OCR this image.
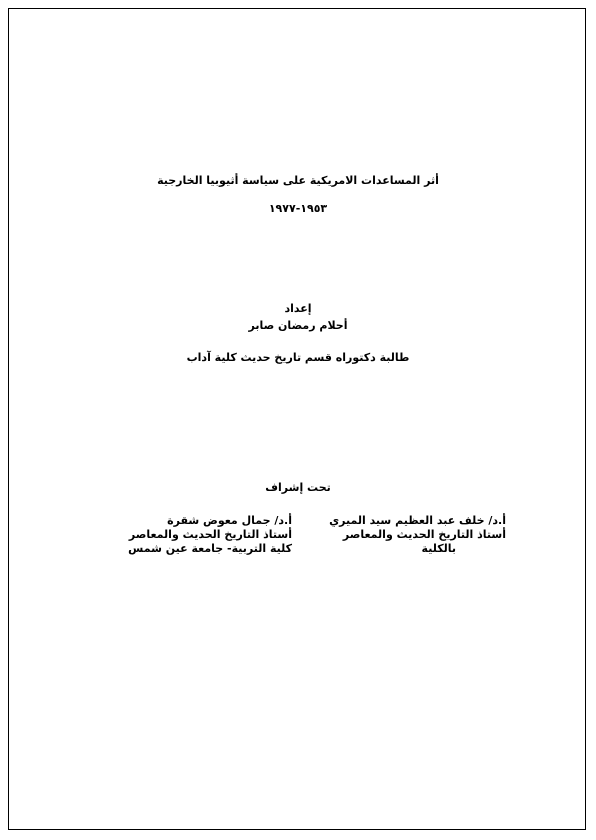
أثر المساعدات الامريكية على سياسة أثيوبيا الخارجية
١٩٥٣-١٩٧٧
إعداد
أحلام رمضان صابر
طالبة دكتوراه قسم تاريخ حديث كلية آداب
تحت إشراف
أ.د/ خلف عبد العظيم سيد الميري
أستاذ التاريخ الحديث والمعاصر
بالكلية
أ.د/ جمال معوض شقرة
أستاذ التاريخ الحديث والمعاصر
كلية التربية- جامعة عين شمس
